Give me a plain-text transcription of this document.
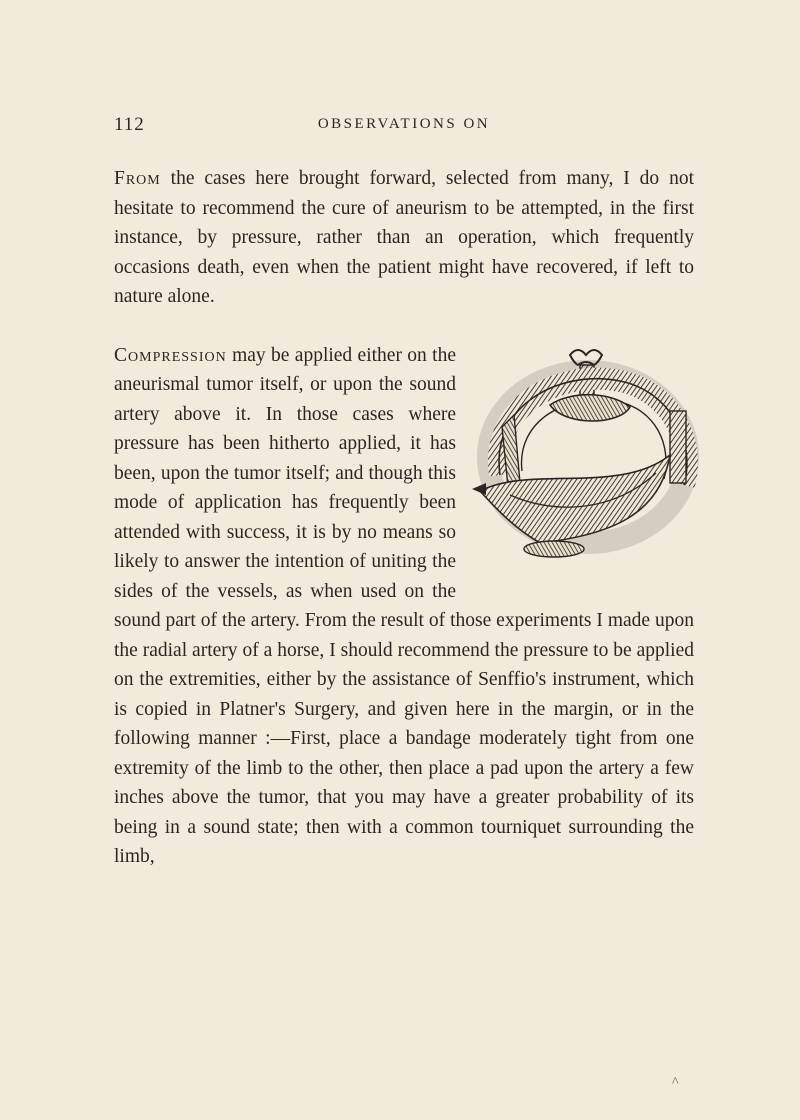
112	OBSERVATIONS ON

From the cases here brought forward, selected from many, I do not hesitate to recommend the cure of aneurism to be attempted, in the first instance, by pressure, rather than an operation, which frequently occasions death, even when the patient might have recovered, if left to nature alone.

Compression may be applied either on the aneurismal tumor itself, or upon the sound artery above it. In those cases where pressure has been hitherto applied, it has been, upon the tumor itself; and though this mode of application has frequently been attended with success, it is by no means so likely to answer the intention of uniting the sides of the vessels, as when used on the sound part of the artery. From the result of those experiments I made upon the radial artery of a horse, I should recommend the pressure to be applied on the extremities, either by the assistance of Senffio's instrument, which is copied in Platner's Surgery, and given here in the margin, or in the following manner :—First, place a bandage moderately tight from one extremity of the limb to the other, then place a pad upon the artery a few inches above the tumor, that you may have a greater probability of its being in a sound state; then with a common tourniquet surrounding the limb,

^
